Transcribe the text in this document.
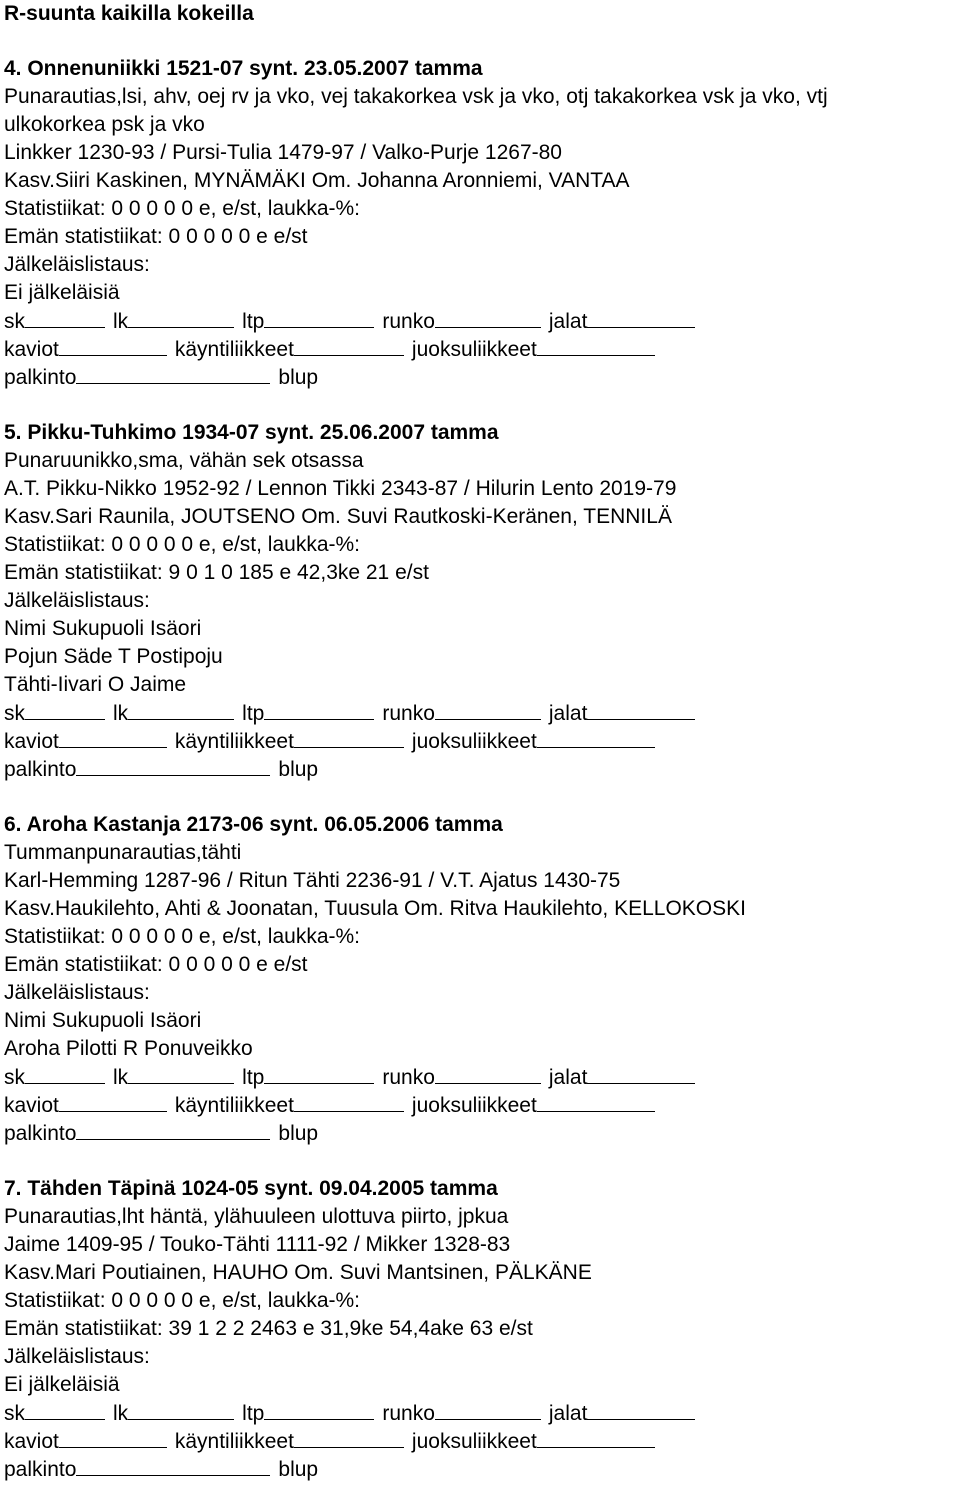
R-suunta kaikilla kokeilla
4. Onnenuniikki 1521-07 synt. 23.05.2007 tamma
Punarautias,lsi, ahv, oej rv ja vko, vej takakorkea vsk ja vko, otj takakorkea vsk ja vko, vtj
ulkokorkea psk ja vko
Linkker 1230-93 / Pursi-Tulia 1479-97 / Valko-Purje 1267-80
Kasv.Siiri Kaskinen, MYNÄMÄKI Om. Johanna Aronniemi, VANTAA
Statistiikat: 0 0 0 0 0 e, e/st, laukka-%:
Emän statistiikat: 0 0 0 0 0 e e/st
Jälkeläislistaus:
Ei jälkeläisiä
sk	lk	ltp	runko	jalat
kaviot	käyntiliikkeet	juoksuliikkeet
palkinto	blup
5. Pikku-Tuhkimo 1934-07 synt. 25.06.2007 tamma
Punaruunikko,sma, vähän sek otsassa
A.T. Pikku-Nikko 1952-92 / Lennon Tikki 2343-87 / Hilurin Lento 2019-79
Kasv.Sari Raunila, JOUTSENO Om. Suvi Rautkoski-Keränen, TENNILÄ
Statistiikat: 0 0 0 0 0 e, e/st, laukka-%:
Emän statistiikat: 9 0 1 0 185 e 42,3ke 21 e/st
Jälkeläislistaus:
Nimi Sukupuoli Isäori
Pojun Säde T Postipoju
Tähti-Iivari O Jaime
sk	lk	ltp	runko	jalat
kaviot	käyntiliikkeet	juoksuliikkeet
palkinto	blup
6. Aroha Kastanja 2173-06 synt. 06.05.2006 tamma
Tummanpunarautias,tähti
Karl-Hemming 1287-96 / Ritun Tähti 2236-91 / V.T. Ajatus 1430-75
Kasv.Haukilehto, Ahti & Joonatan, Tuusula Om. Ritva Haukilehto, KELLOKOSKI
Statistiikat: 0 0 0 0 0 e, e/st, laukka-%:
Emän statistiikat: 0 0 0 0 0 e e/st
Jälkeläislistaus:
Nimi Sukupuoli Isäori
Aroha Pilotti R Ponuveikko
sk	lk	ltp	runko	jalat
kaviot	käyntiliikkeet	juoksuliikkeet
palkinto	blup
7. Tähden Täpinä 1024-05 synt. 09.04.2005 tamma
Punarautias,lht häntä, ylähuuleen ulottuva piirto, jpkua
Jaime 1409-95 / Touko-Tähti 1111-92 / Mikker 1328-83
Kasv.Mari Poutiainen, HAUHO Om. Suvi Mantsinen, PÄLKÄNE
Statistiikat: 0 0 0 0 0 e, e/st, laukka-%:
Emän statistiikat: 39 1 2 2 2463 e 31,9ke 54,4ake 63 e/st
Jälkeläislistaus:
Ei jälkeläisiä
sk	lk	ltp	runko	jalat
kaviot	käyntiliikkeet	juoksuliikkeet
palkinto	blup
